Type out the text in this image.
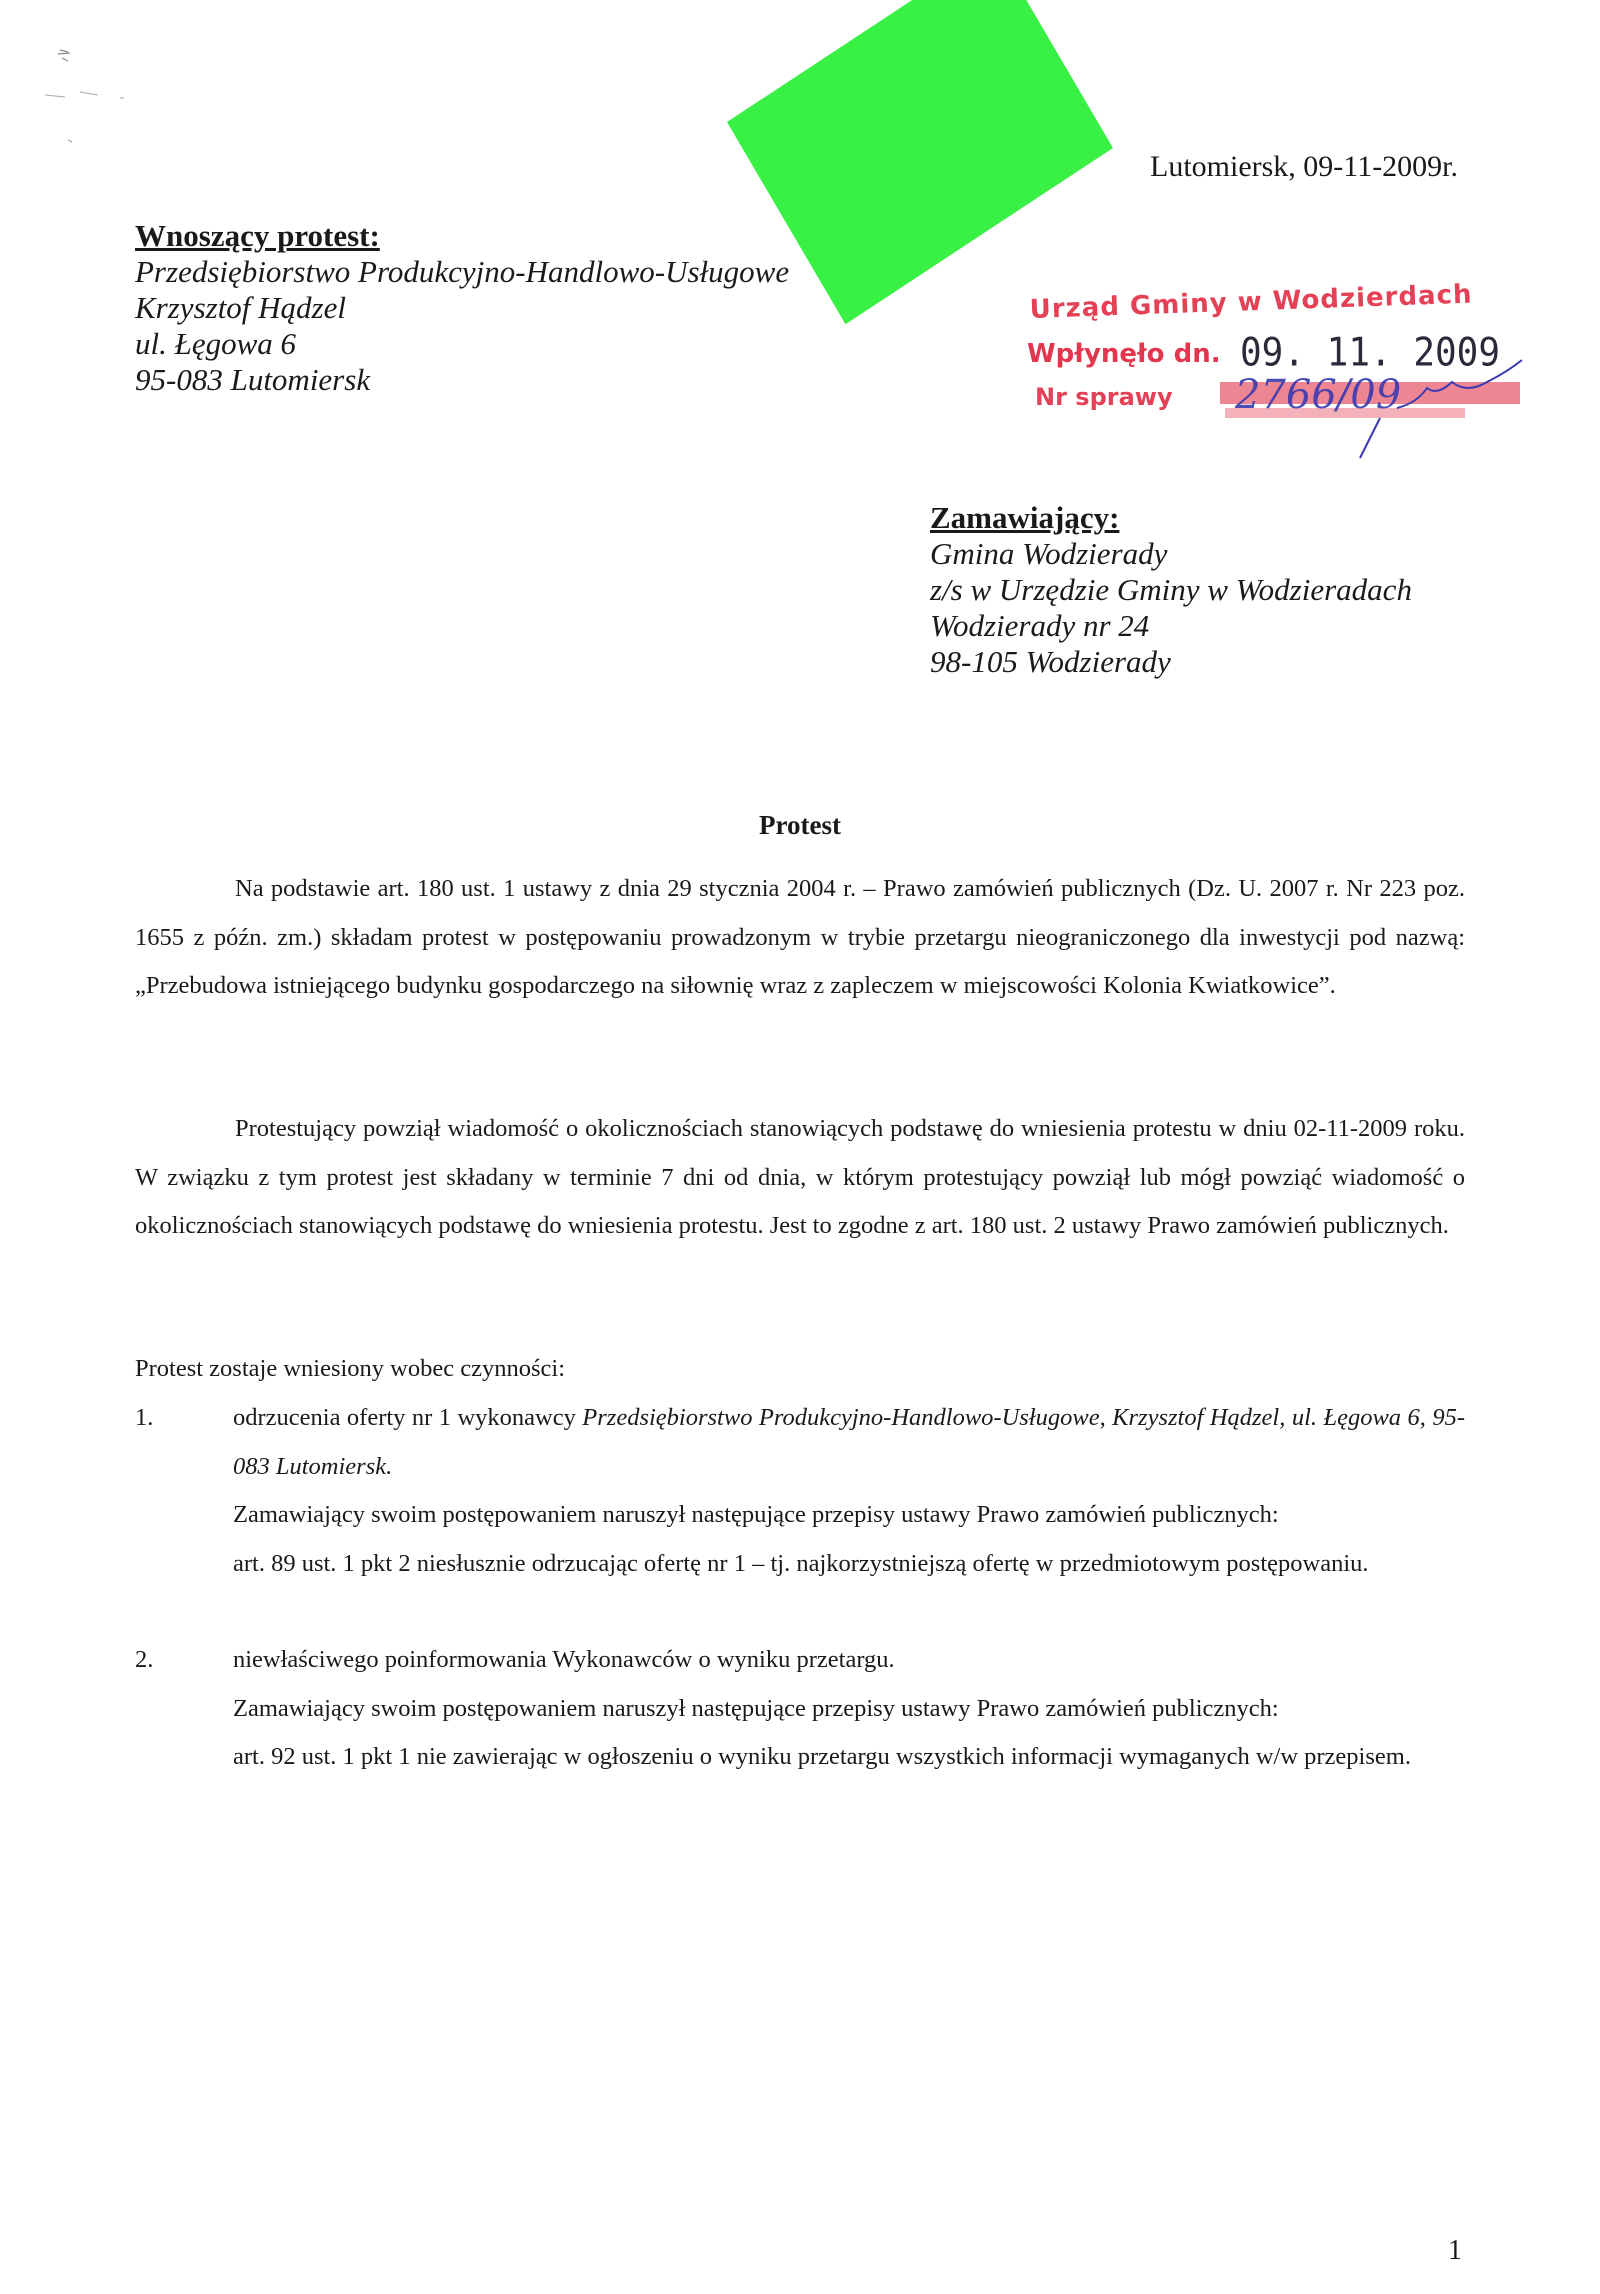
Lutomiersk, 09-11-2009r.
Wnoszący protest:
Przedsiębiorstwo Produkcyjno-Handlowo-Usługowe
Krzysztof Hądzel
ul. Łęgowa 6
95-083 Lutomiersk
Urząd Gminy w Wodzierdach
Wpłynęło dn.
Nr sprawy
09. 11. 2009
2766/09
Zamawiający:
Gmina Wodzierady
z/s w Urzędzie Gminy w Wodzieradach
Wodzierady nr 24
98-105 Wodzierady
Protest
Na podstawie art. 180 ust. 1 ustawy z dnia 29 stycznia 2004 r. – Prawo zamówień publicznych (Dz. U. 2007 r. Nr 223 poz. 1655 z późn. zm.) składam protest w postępowaniu prowadzonym w trybie przetargu nieograniczonego dla inwestycji pod nazwą: „Przebudowa istniejącego budynku gospodarczego na siłownię wraz z zapleczem w miejscowości Kolonia Kwiatkowice”.
Protestujący powziął wiadomość o okolicznościach stanowiących podstawę do wniesienia protestu w dniu 02-11-2009 roku. W związku z tym protest jest składany w terminie 7 dni od dnia, w którym protestujący powziął lub mógł powziąć wiadomość o okolicznościach stanowiących podstawę do wniesienia protestu. Jest to zgodne z art. 180 ust. 2 ustawy Prawo zamówień publicznych.
Protest zostaje wniesiony wobec czynności:
1.	odrzucenia oferty nr 1 wykonawcy Przedsiębiorstwo Produkcyjno-Handlowo-Usługowe, Krzysztof Hądzel, ul. Łęgowa 6, 95-083 Lutomiersk.
Zamawiający swoim postępowaniem naruszył następujące przepisy ustawy Prawo zamówień publicznych:
art. 89 ust. 1 pkt 2 niesłusznie odrzucając ofertę nr 1 – tj. najkorzystniejszą ofertę w przedmiotowym postępowaniu.
2.	niewłaściwego poinformowania Wykonawców o wyniku przetargu.
Zamawiający swoim postępowaniem naruszył następujące przepisy ustawy Prawo zamówień publicznych:
art. 92 ust. 1 pkt 1 nie zawierając w ogłoszeniu o wyniku przetargu wszystkich informacji wymaganych w/w przepisem.
1
